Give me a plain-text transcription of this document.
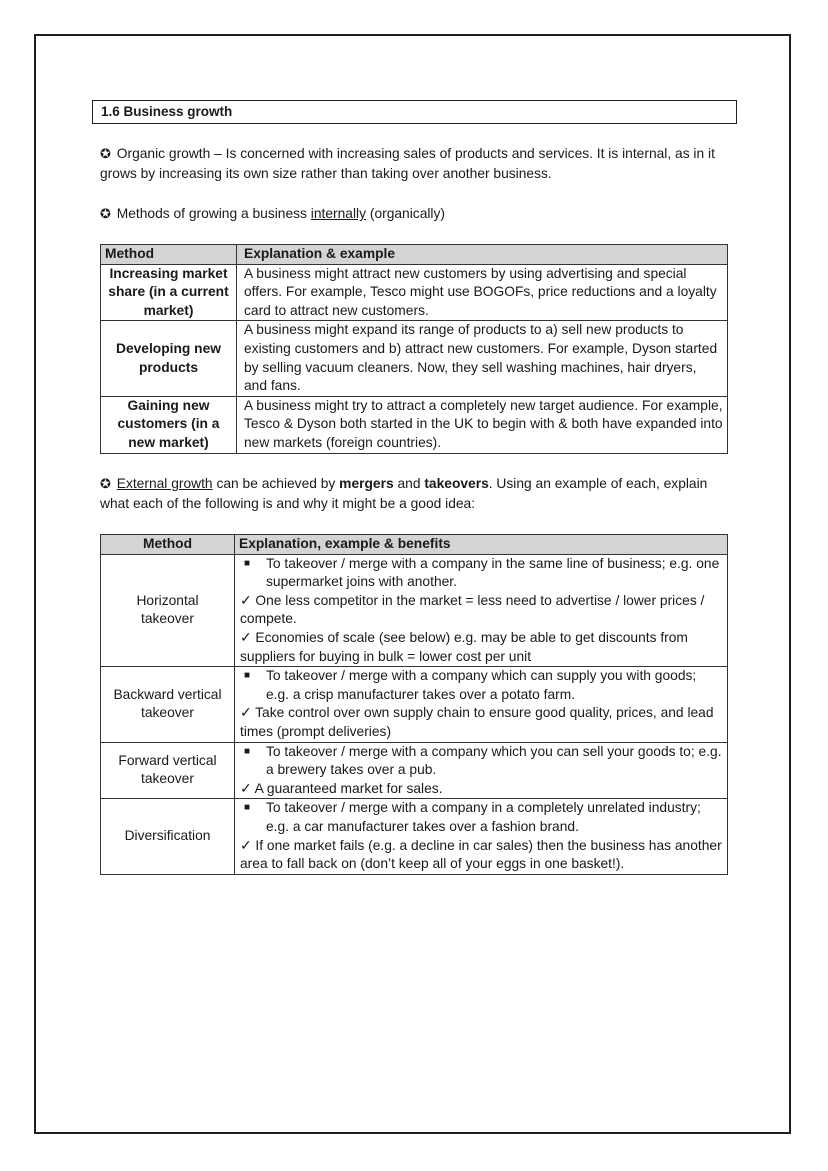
1.6 Business growth
✪ Organic growth – Is concerned with increasing sales of products and services. It is internal, as in it grows by increasing its own size rather than taking over another business.
✪ Methods of growing a business internally (organically)
Method	Explanation & example
Increasing market share (in a current market)	A business might attract new customers by using advertising and special offers. For example, Tesco might use BOGOFs, price reductions and a loyalty card to attract new customers.
Developing new products	A business might expand its range of products to a) sell new products to existing customers and b) attract new customers. For example, Dyson started by selling vacuum cleaners. Now, they sell washing machines, hair dryers, and fans.
Gaining new customers (in a new market)	A business might try to attract a completely new target audience. For example, Tesco & Dyson both started in the UK to begin with & both have expanded into new markets (foreign countries).
✪ External growth can be achieved by mergers and takeovers. Using an example of each, explain what each of the following is and why it might be a good idea:
Method	Explanation, example & benefits
Horizontal takeover	■ To takeover / merge with a company in the same line of business; e.g. one supermarket joins with another.
✓ One less competitor in the market = less need to advertise / lower prices / compete.
✓ Economies of scale (see below) e.g. may be able to get discounts from suppliers for buying in bulk = lower cost per unit

Backward vertical takeover	■ To takeover / merge with a company which can supply you with goods; e.g. a crisp manufacturer takes over a potato farm.
✓ Take control over own supply chain to ensure good quality, prices, and lead times (prompt deliveries)

Forward vertical takeover	■ To takeover / merge with a company which you can sell your goods to; e.g. a brewery takes over a pub.
✓ A guaranteed market for sales.

Diversification	■ To takeover / merge with a company in a completely unrelated industry; e.g. a car manufacturer takes over a fashion brand.
✓ If one market fails (e.g. a decline in car sales) then the business has another area to fall back on (don’t keep all of your eggs in one basket!).
